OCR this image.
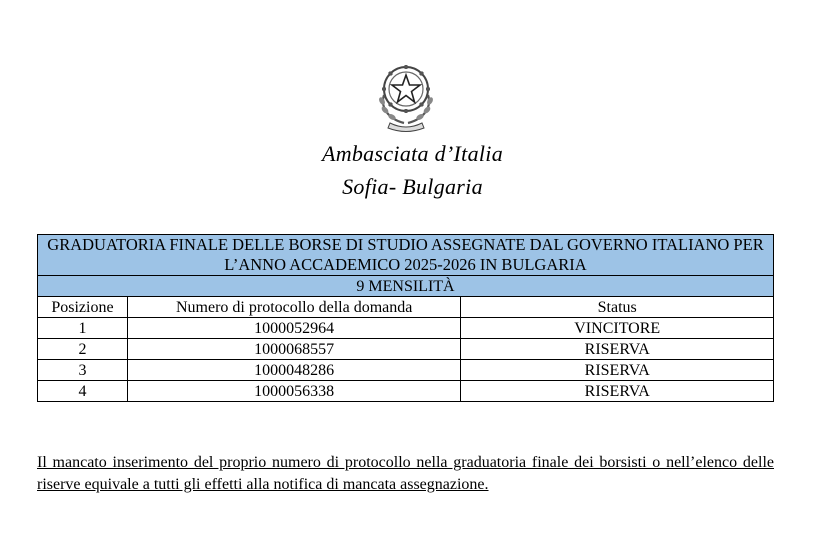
Ambasciata d’Italia
Sofia- Bulgaria
GRADUATORIA FINALE DELLE BORSE DI STUDIO ASSEGNATE DAL GOVERNO ITALIANO PER L’ANNO ACCADEMICO 2025-2026 IN BULGARIA		
9 MENSILITÀ		
Posizione	Numero di protocollo della domanda	Status
1	1000052964	VINCITORE
2	1000068557	RISERVA
3	1000048286	RISERVA
4	1000056338	RISERVA
Il mancato inserimento del proprio numero di protocollo nella graduatoria finale dei borsisti o nell’elenco delle riserve equivale a tutti gli effetti alla notifica di mancata assegnazione.
